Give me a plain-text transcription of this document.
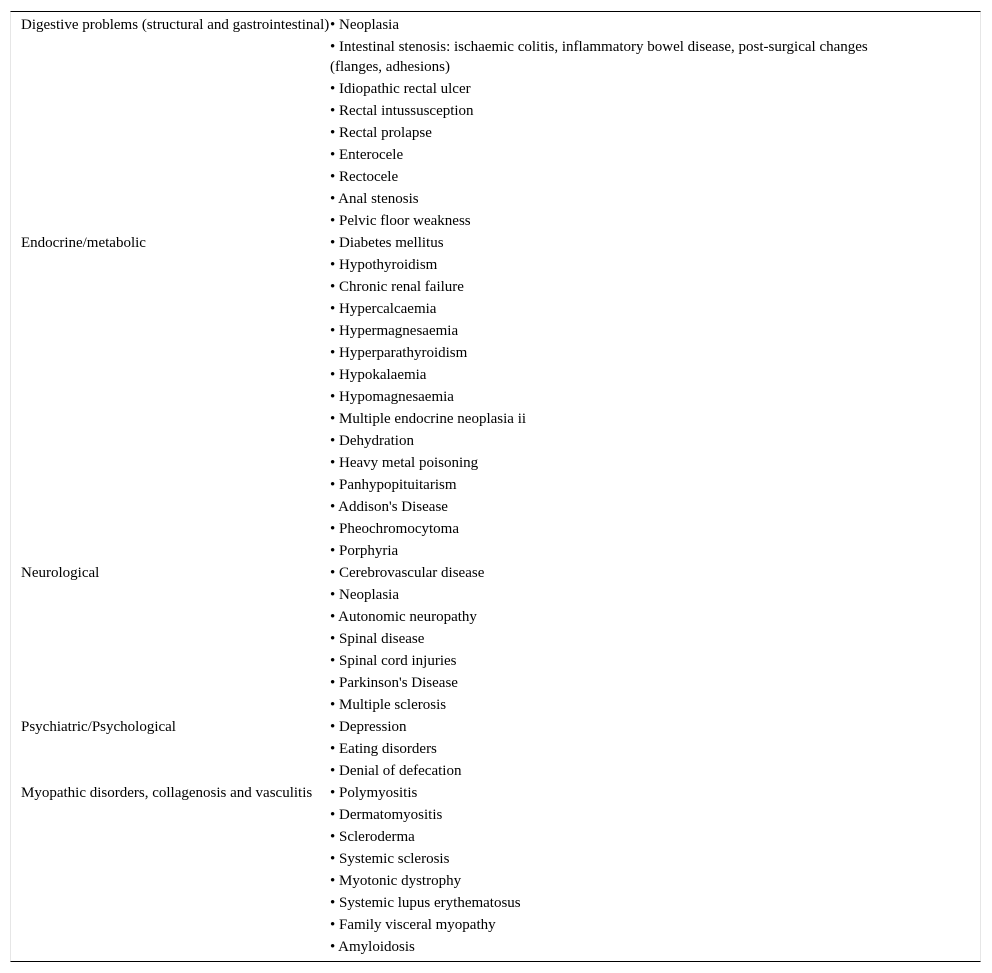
Digestive problems (structural and gastrointestinal) • Neoplasia
• Intestinal stenosis: ischaemic colitis, inflammatory bowel disease, post-surgical changes (flanges, adhesions)
• Idiopathic rectal ulcer
• Rectal intussusception
• Rectal prolapse
• Enterocele
• Rectocele
• Anal stenosis
• Pelvic floor weakness
Endocrine/metabolic	• Diabetes mellitus
• Hypothyroidism
• Chronic renal failure
• Hypercalcaemia
• Hypermagnesaemia
• Hyperparathyroidism
• Hypokalaemia
• Hypomagnesaemia
• Multiple endocrine neoplasia ii
• Dehydration
• Heavy metal poisoning
• Panhypopituitarism
• Addison's Disease
• Pheochromocytoma
• Porphyria
Neurological	• Cerebrovascular disease
• Neoplasia
• Autonomic neuropathy
• Spinal disease
• Spinal cord injuries
• Parkinson's Disease
• Multiple sclerosis
Psychiatric/Psychological	• Depression
• Eating disorders
• Denial of defecation
Myopathic disorders, collagenosis and vasculitis	• Polymyositis
• Dermatomyositis
• Scleroderma
• Systemic sclerosis
• Myotonic dystrophy
• Systemic lupus erythematosus
• Family visceral myopathy
• Amyloidosis
